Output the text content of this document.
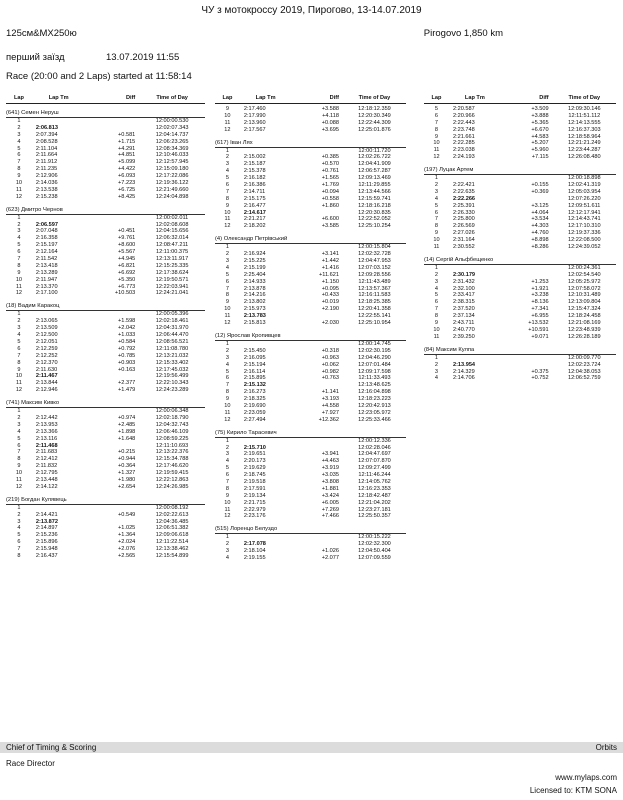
ЧУ з мотокроссу 2019, Пирогово, 13-14.07.2019
125см&МХ250ю	Pirogovo 1,850 km
перший заїзд	13.07.2019 11:55
Race (20:00 and 2 Laps) started at 11:58:14
Lap	Lap Tm	Diff	Time of Day
(641) Семен Неруш
1	12:00:00.530
2	2:06.813	12:02:07.343
3	2:07.394	+0.581	12:04:14.737
4	2:08.528	+1.715	12:06:23.265
5	2:11.104	+4.291	12:08:34.369
6	2:11.664	+4.851	12:10:46.033
7	2:11.912	+5.099	12:12:57.945
8	2:11.235	+4.422	12:15:09.180
9	2:12.906	+6.093	12:17:22.086
10	2:14.036	+7.223	12:19:36.122
11	2:13.538	+6.725	12:21:49.660
12	2:15.238	+8.425	12:24:04.898
(623) Дмитро Чернов
1	12:00:02.011
2	2:06.597	12:02:08.608
3	2:07.048	+0.451	12:04:15.656
4	2:16.358	+9.761	12:06:32.014
5	2:15.197	+8.600	12:08:47.211
6	2:12.164	+5.567	12:11:00.375
7	2:11.542	+4.945	12:13:11.917
8	2:13.418	+6.821	12:15:25.335
9	2:13.289	+6.692	12:17:38.624
10	2:11.947	+5.350	12:19:50.571
11	2:13.370	+6.773	12:22:03.941
12	2:17.100	+10.503	12:24:21.041
(18) Вадим Каракоц
1	12:00:05.396
2	2:13.065	+1.598	12:02:18.461
3	2:13.509	+2.042	12:04:31.970
4	2:12.500	+1.033	12:06:44.470
5	2:12.051	+0.584	12:08:56.521
6	2:12.259	+0.792	12:11:08.780
7	2:12.252	+0.785	12:13:21.032
8	2:12.370	+0.903	12:15:33.402
9	2:11.630	+0.163	12:17:45.032
10	2:11.467	12:19:56.499
11	2:13.844	+2.377	12:22:10.343
12	2:12.946	+1.479	12:24:23.289
(741) Максим Кивко
1	12:00:06.348
2	2:12.442	+0.974	12:02:18.790
3	2:13.953	+2.485	12:04:32.743
4	2:13.366	+1.898	12:06:46.109
5	2:13.116	+1.648	12:08:59.225
6	2:11.468	12:11:10.693
7	2:11.683	+0.215	12:13:22.376
8	2:12.412	+0.944	12:15:34.788
9	2:11.832	+0.364	12:17:46.620
10	2:12.795	+1.327	12:19:59.415
11	2:13.448	+1.980	12:22:12.863
12	2:14.122	+2.654	12:24:26.985
(219) Богдан Кулявець
1	12:00:08.192
2	2:14.421	+0.549	12:02:22.613
3	2:13.872	12:04:36.485
4	2:14.897	+1.025	12:06:51.382
5	2:15.236	+1.364	12:09:06.618
6	2:15.896	+2.024	12:11:22.514
7	2:15.948	+2.076	12:13:38.462
8	2:16.437	+2.565	12:15:54.899
Lap	Lap Tm	Diff	Time of Day
9	2:17.460	+3.588	12:18:12.359
10	2:17.990	+4.118	12:20:30.349
11	2:13.960	+0.088	12:22:44.309
12	2:17.567	+3.695	12:25:01.876
(617) Іван Лях
1	12:00:11.720
2	2:15.002	+0.385	12:02:26.722
3	2:15.187	+0.570	12:04:41.909
4	2:15.378	+0.761	12:06:57.287
5	2:16.182	+1.565	12:09:13.469
6	2:16.386	+1.769	12:11:29.855
7	2:14.711	+0.094	12:13:44.566
8	2:15.175	+0.558	12:15:59.741
9	2:16.477	+1.860	12:18:16.218
10	2:14.617	12:20:30.835
11	2:21.217	+6.600	12:22:52.052
12	2:18.202	+3.585	12:25:10.254
(4) Олександр Петрівський
1	12:00:15.804
2	2:16.924	+3.141	12:02:32.728
3	2:15.225	+1.442	12:04:47.953
4	2:15.199	+1.416	12:07:03.152
5	2:25.404	+11.621	12:09:28.556
6	2:14.933	+1.150	12:11:43.489
7	2:13.878	+0.095	12:13:57.367
8	2:14.216	+0.433	12:16:11.583
9	2:13.802	+0.019	12:18:25.385
10	2:15.973	+2.190	12:20:41.358
11	2:13.783	12:22:55.141
12	2:15.813	+2.030	12:25:10.954
(12) Ярослав Кропивцев
1	12:00:14.745
2	2:15.450	+0.318	12:02:30.195
3	2:16.095	+0.963	12:04:46.290
4	2:15.194	+0.062	12:07:01.484
5	2:16.114	+0.982	12:09:17.598
6	2:15.895	+0.763	12:11:33.493
7	2:15.132	12:13:48.625
8	2:16.273	+1.141	12:16:04.898
9	2:18.325	+3.193	12:18:23.223
10	2:19.690	+4.558	12:20:42.913
11	2:23.059	+7.927	12:23:05.972
12	2:27.494	+12.362	12:25:33.466
(75) Кирило Тарасевич
1	12:00:12.336
2	2:15.710	12:02:28.046
3	2:19.651	+3.941	12:04:47.697
4	2:20.173	+4.463	12:07:07.870
5	2:19.629	+3.919	12:09:27.499
6	2:18.745	+3.035	12:11:46.244
7	2:19.518	+3.808	12:14:05.762
8	2:17.591	+1.881	12:16:23.353
9	2:19.134	+3.424	12:18:42.487
10	2:21.715	+6.005	12:21:04.202
11	2:22.979	+7.269	12:23:27.181
12	2:23.176	+7.466	12:25:50.357
(515) Лоренцо Белуздо
1	12:00:15.222
2	2:17.078	12:02:32.300
3	2:18.104	+1.026	12:04:50.404
4	2:19.155	+2.077	12:07:09.559
Lap	Lap Tm	Diff	Time of Day
5	2:20.587	+3.509	12:09:30.146
6	2:20.966	+3.888	12:11:51.112
7	2:22.443	+5.365	12:14:13.555
8	2:23.748	+6.670	12:16:37.303
9	2:21.661	+4.583	12:18:58.964
10	2:22.285	+5.207	12:21:21.249
11	2:23.038	+5.960	12:23:44.287
12	2:24.193	+7.115	12:26:08.480
(197) Луцак Артем
1	12:00:18.898
2	2:22.421	+0.155	12:02:41.319
3	2:22.635	+0.369	12:05:03.954
4	2:22.266	12:07:26.220
5	2:25.391	+3.125	12:09:51.611
6	2:26.330	+4.064	12:12:17.941
7	2:25.800	+3.534	12:14:43.741
8	2:26.569	+4.303	12:17:10.310
9	2:27.026	+4.760	12:19:37.336
10	2:31.164	+8.898	12:22:08.500
11	2:30.552	+8.286	12:24:39.052
(14) Сергій Альфбещенко
1	12:00:24.361
2	2:30.179	12:02:54.540
3	2:31.432	+1.253	12:05:25.972
4	2:32.100	+1.921	12:07:58.072
5	2:33.417	+3.238	12:10:31.489
6	2:38.315	+8.136	12:13:09.804
7	2:37.520	+7.341	12:15:47.324
8	2:37.134	+6.955	12:18:24.458
9	2:43.711	+13.532	12:21:08.169
10	2:40.770	+10.591	12:23:48.939
11	2:39.250	+9.071	12:26:28.189
(84) Максим Кулпа
1	12:00:09.770
2	2:13.954	12:02:23.724
3	2:14.329	+0.375	12:04:38.053
4	2:14.706	+0.752	12:06:52.759
Chief of Timing & Scoring	Orbits
Race Director
www.mylaps.com
Licensed to: KTM SONA
